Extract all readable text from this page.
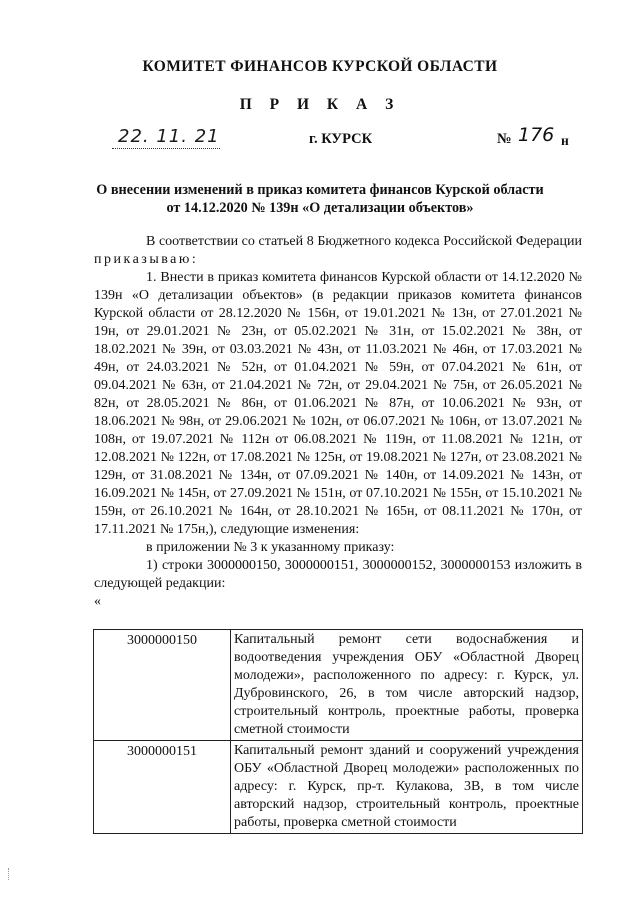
КОМИТЕТ ФИНАНСОВ КУРСКОЙ ОБЛАСТИ
П Р И К А З
22. 11. 21	г. КУРСК	№ 176 н
О внесении изменений в приказ комитета финансов Курской области
от 14.12.2020 № 139н «О детализации объектов»

В соответствии со статьей 8 Бюджетного кодекса Российской Федерации приказываю:

1. Внести в приказ комитета финансов Курской области от 14.12.2020 № 139н «О детализации объектов» (в редакции приказов комитета финансов Курской области от 28.12.2020 № 156н, от 19.01.2021 № 13н, от 27.01.2021 № 19н, от 29.01.2021 № 23н, от 05.02.2021 № 31н, от 15.02.2021 № 38н, от 18.02.2021 № 39н, от 03.03.2021 № 43н, от 11.03.2021 № 46н, от 17.03.2021 № 49н, от 24.03.2021 № 52н, от 01.04.2021 № 59н, от 07.04.2021 № 61н, от 09.04.2021 № 63н, от 21.04.2021 № 72н, от 29.04.2021 № 75н, от 26.05.2021 № 82н, от 28.05.2021 № 86н, от 01.06.2021 № 87н, от 10.06.2021 № 93н, от 18.06.2021 № 98н, от 29.06.2021 № 102н, от 06.07.2021 № 106н, от 13.07.2021 № 108н, от 19.07.2021 № 112н от 06.08.2021 № 119н, от 11.08.2021 № 121н, от 12.08.2021 № 122н, от 17.08.2021 № 125н, от 19.08.2021 № 127н, от 23.08.2021 № 129н, от 31.08.2021 № 134н, от 07.09.2021 № 140н, от 14.09.2021 № 143н, от 16.09.2021 № 145н, от 27.09.2021 № 151н, от 07.10.2021 № 155н, от 15.10.2021 № 159н, от 26.10.2021 № 164н, от 28.10.2021 № 165н, от 08.11.2021 № 170н, от 17.11.2021 № 175н,), следующие изменения:

в приложении № 3 к указанному приказу:

1) строки 3000000150, 3000000151, 3000000152, 3000000153 изложить в следующей редакции:

«

3000000150	Капитальный ремонт сети водоснабжения и водоотведения учреждения ОБУ «Областной Дворец молодежи», расположенного по адресу: г. Курск, ул. Дубровинского, 26, в том числе авторский надзор, строительный контроль, проектные работы, проверка сметной стоимости
3000000151	Капитальный ремонт зданий и сооружений учреждения ОБУ «Областной Дворец молодежи» расположенных по адресу: г. Курск, пр-т. Кулакова, 3В, в том числе авторский надзор, строительный контроль, проектные работы, проверка сметной стоимости
